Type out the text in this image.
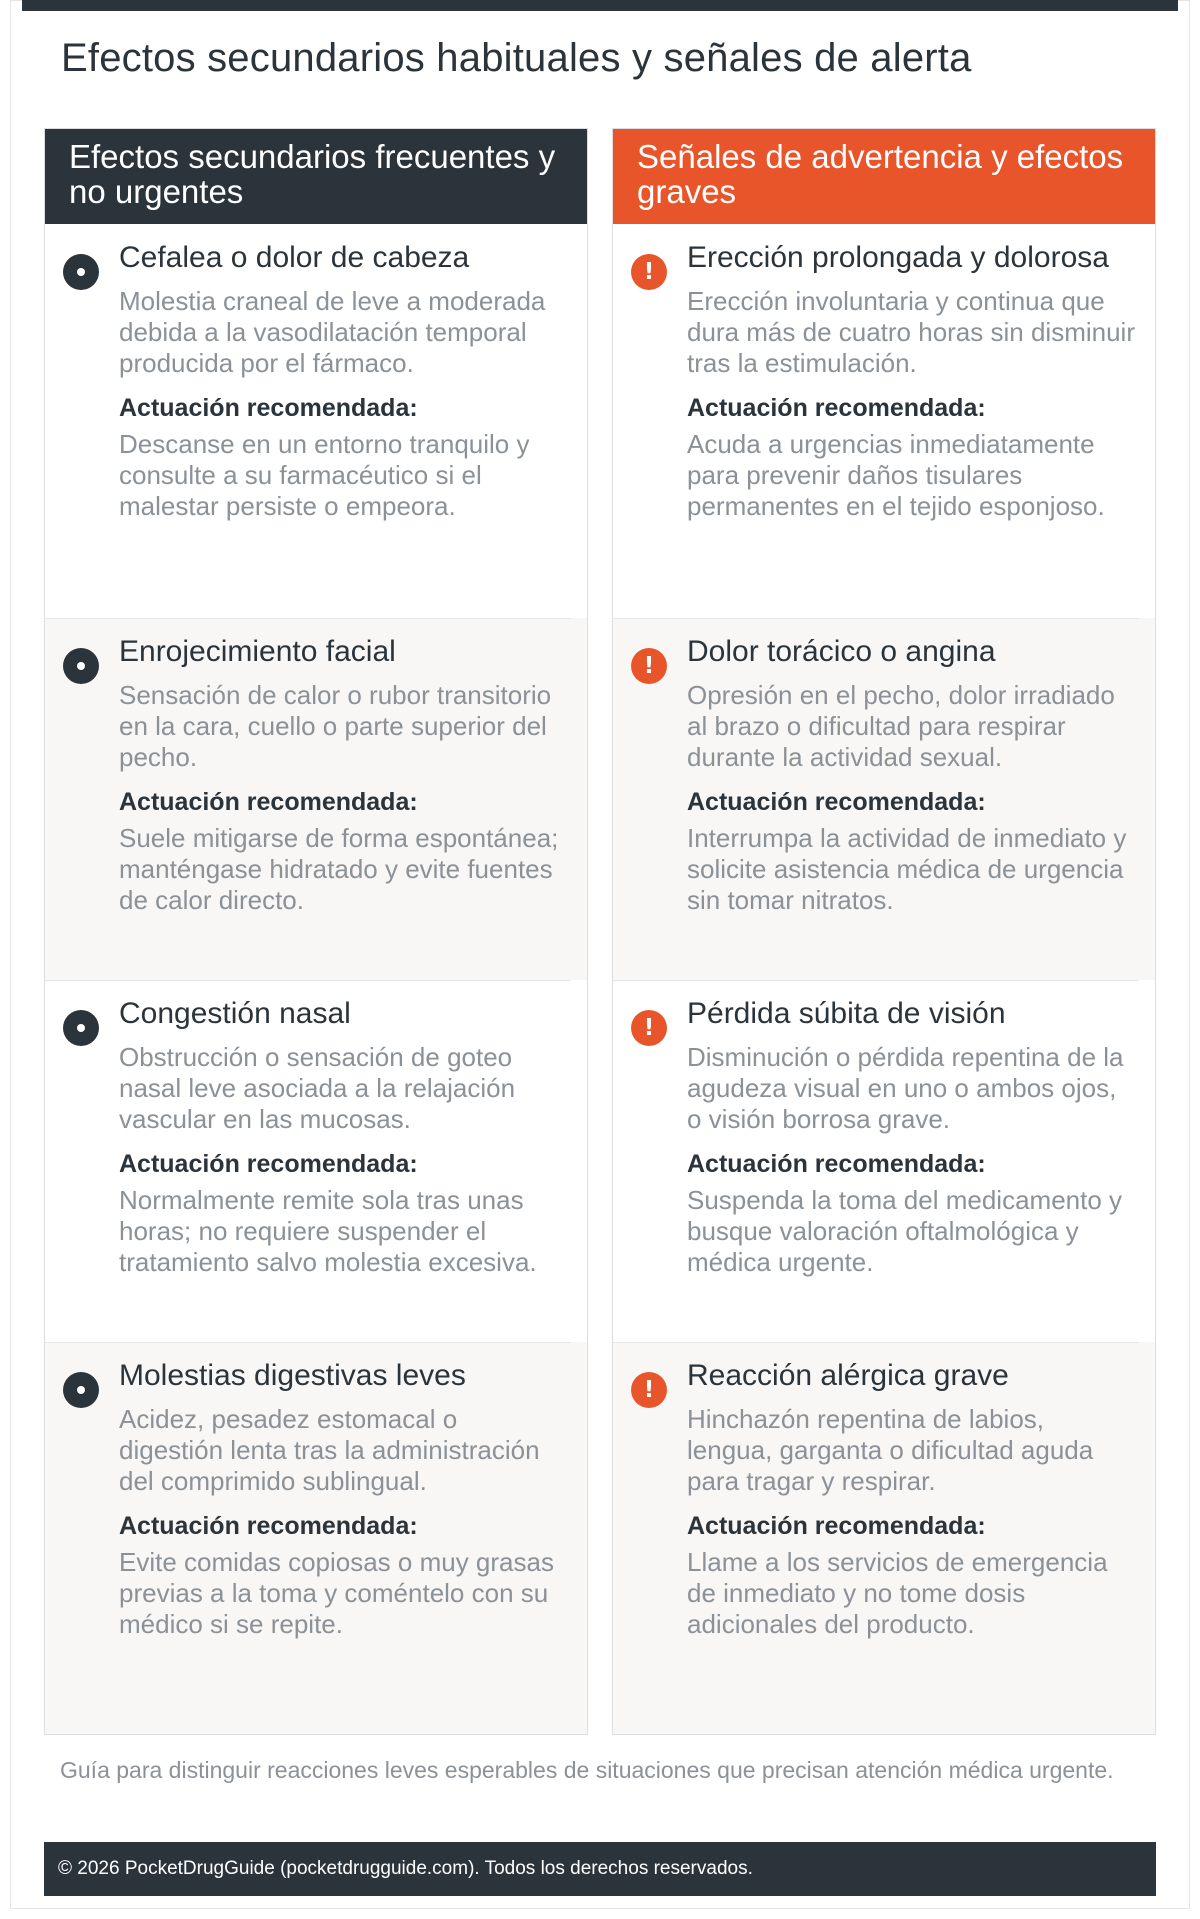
Efectos secundarios habituales y señales de alerta
Efectos secundarios frecuentes y no urgentes
Cefalea o dolor de cabeza

Molestia craneal de leve a moderada debida a la vasodilatación temporal producida por el fármaco.

Actuación recomendada:

Descanse en un entorno tranquilo y consulte a su farmacéutico si el malestar persiste o empeora.

Enrojecimiento facial

Sensación de calor o rubor transitorio en la cara, cuello o parte superior del pecho.

Actuación recomendada:

Suele mitigarse de forma espontánea; manténgase hidratado y evite fuentes de calor directo.

Congestión nasal

Obstrucción o sensación de goteo nasal leve asociada a la relajación vascular en las mucosas.

Actuación recomendada:

Normalmente remite sola tras unas horas; no requiere suspender el tratamiento salvo molestia excesiva.

Molestias digestivas leves

Acidez, pesadez estomacal o digestión lenta tras la administración del comprimido sublingual.

Actuación recomendada:

Evite comidas copiosas o muy grasas previas a la toma y coméntelo con su médico si se repite.

Señales de advertencia y efectos graves
!	Erección prolongada y dolorosa

Erección involuntaria y continua que dura más de cuatro horas sin disminuir tras la estimulación.

Actuación recomendada:

Acuda a urgencias inmediatamente para prevenir daños tisulares permanentes en el tejido esponjoso.

!	Dolor torácico o angina

Opresión en el pecho, dolor irradiado al brazo o dificultad para respirar durante la actividad sexual.

Actuación recomendada:

Interrumpa la actividad de inmediato y solicite asistencia médica de urgencia sin tomar nitratos.

!	Pérdida súbita de visión

Disminución o pérdida repentina de la agudeza visual en uno o ambos ojos, o visión borrosa grave.

Actuación recomendada:

Suspenda la toma del medicamento y busque valoración oftalmológica y médica urgente.

!	Reacción alérgica grave

Hinchazón repentina de labios, lengua, garganta o dificultad aguda para tragar y respirar.

Actuación recomendada:

Llame a los servicios de emergencia de inmediato y no tome dosis adicionales del producto.

Guía para distinguir reacciones leves esperables de situaciones que precisan atención médica urgente.

© 2026 PocketDrugGuide (pocketdrugguide.com). Todos los derechos reservados.
